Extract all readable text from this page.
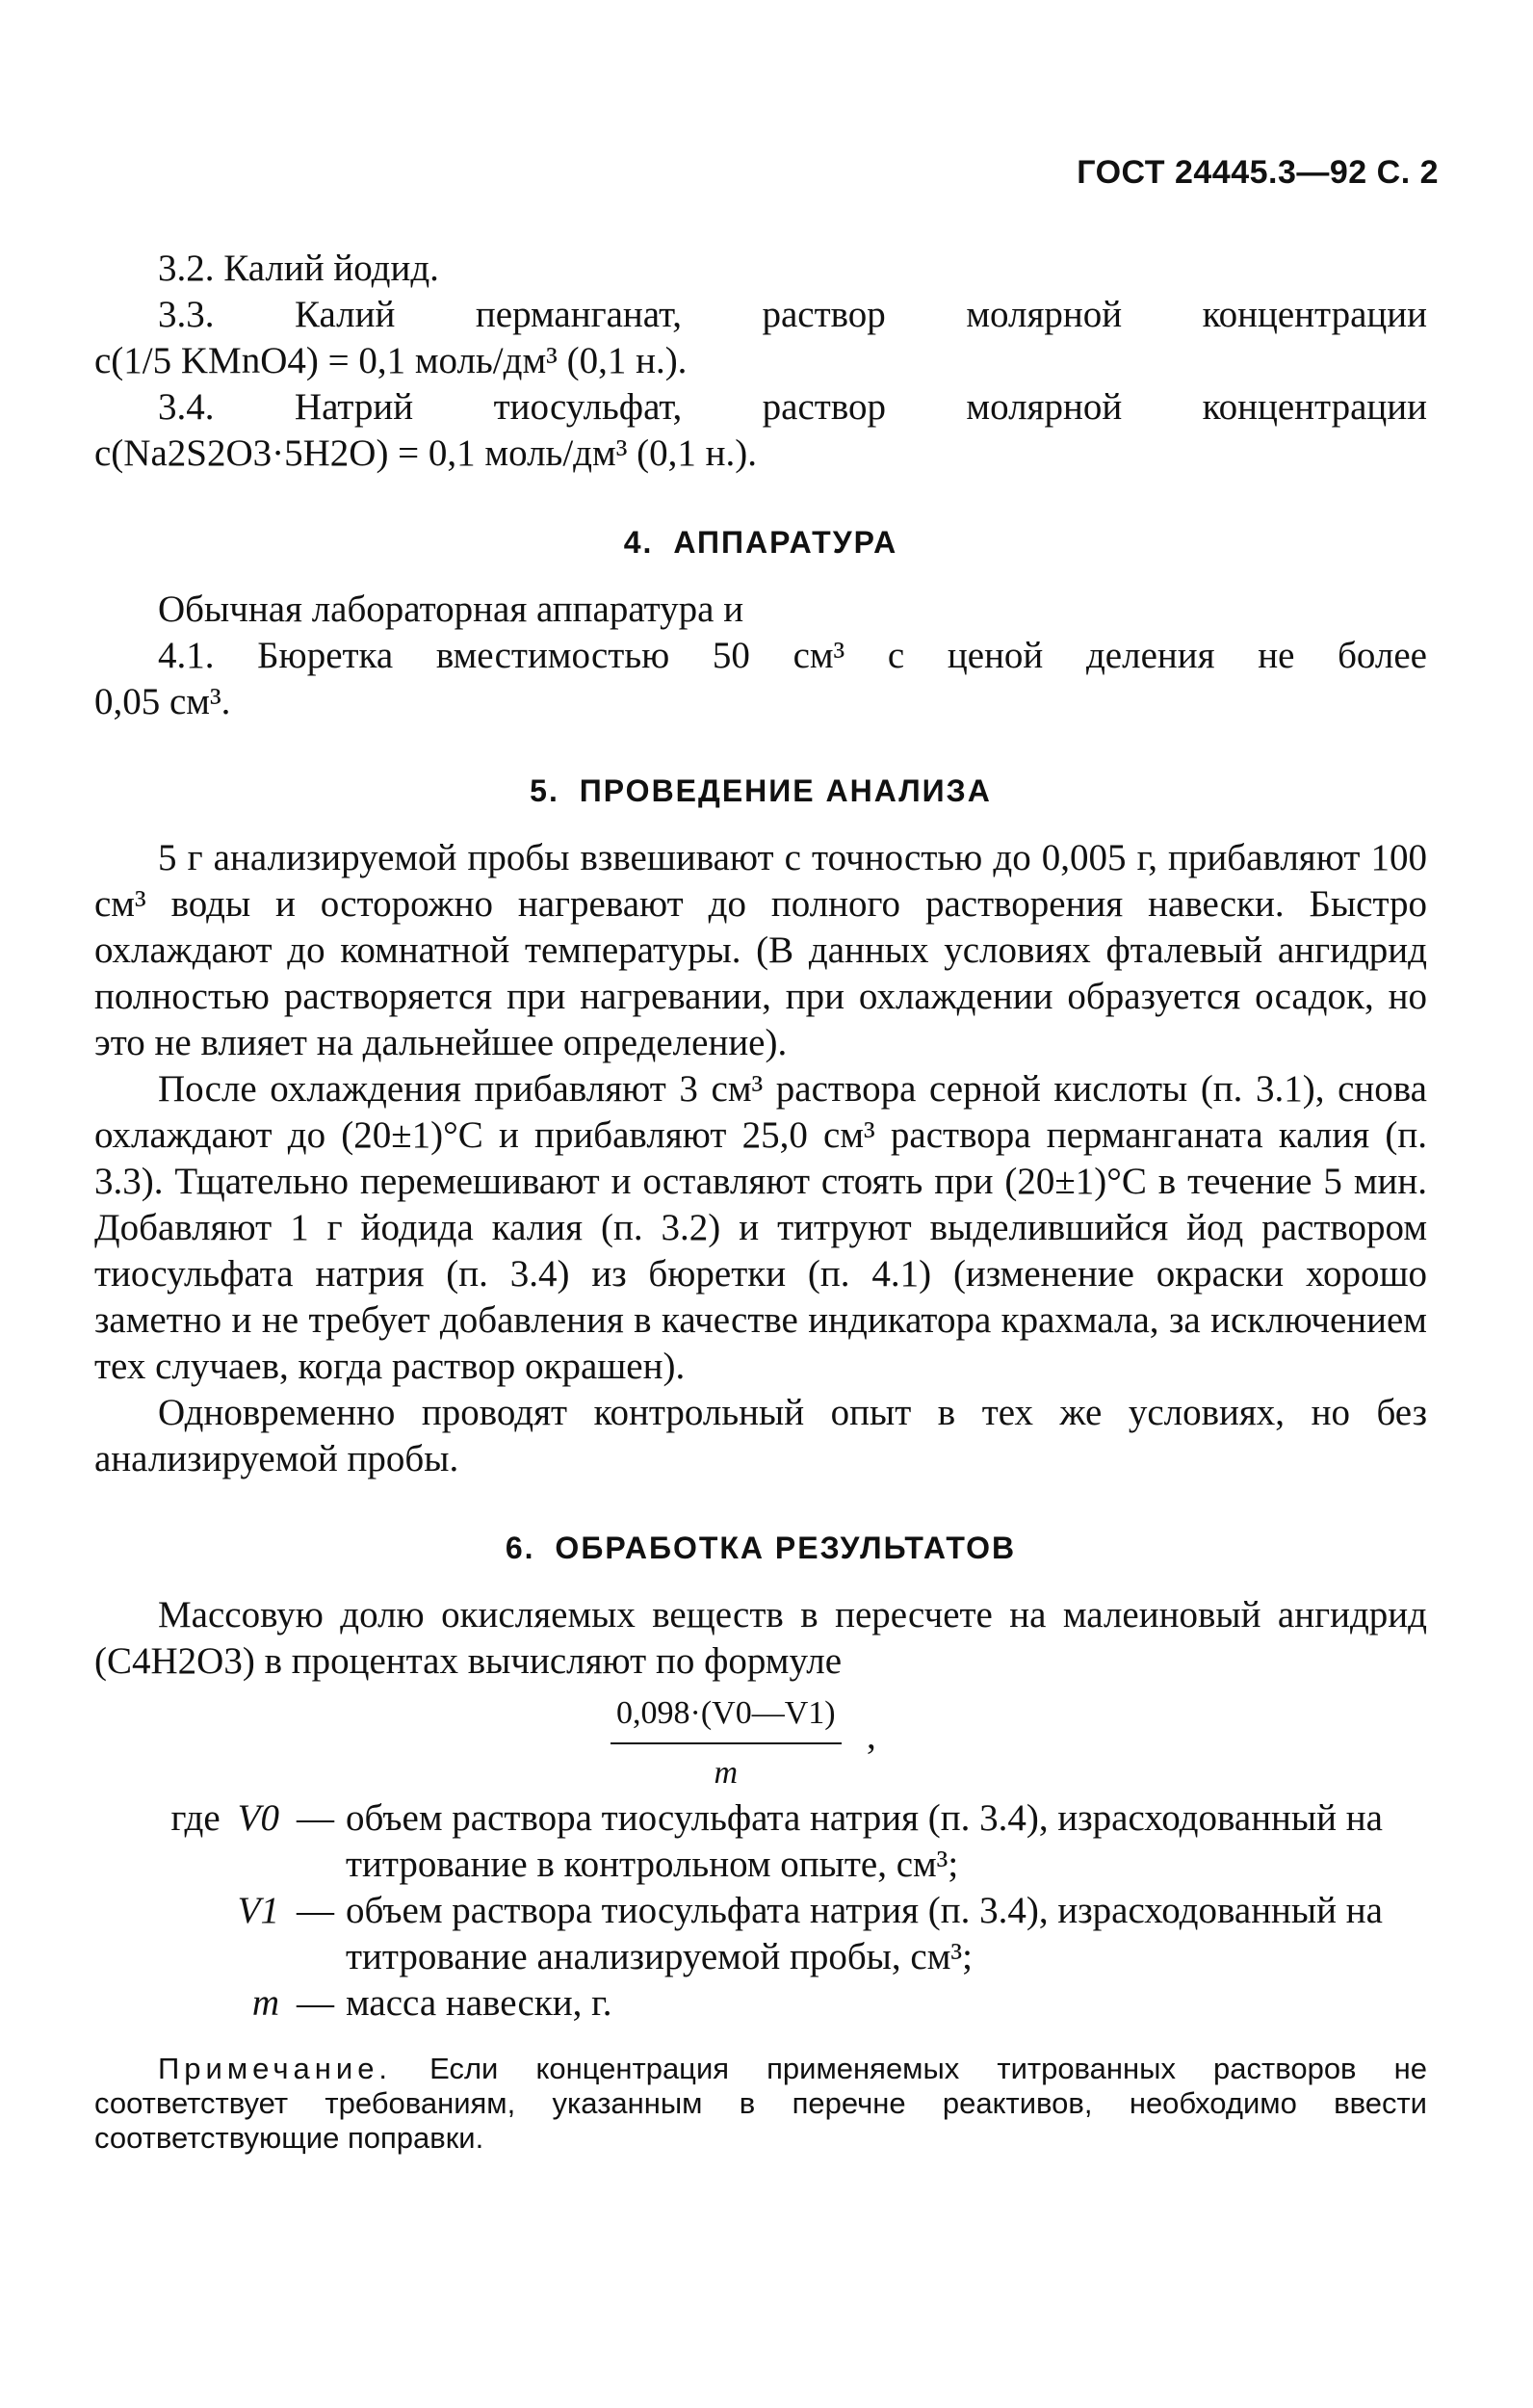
ГОСТ 24445.3—92 С. 2

3.2. Калий йодид.

3.3. Калий перманганат, раствор молярной концентрации

c(1/5 KMnO4) = 0,1 моль/дм³ (0,1 н.).

3.4. Натрий тиосульфат, раствор молярной концентрации

c(Na2S2O3·5H2O) = 0,1 моль/дм³ (0,1 н.).

4. АППАРАТУРА

Обычная лабораторная аппаратура и

4.1. Бюретка вместимостью 50 см³ с ценой деления не более

0,05 см³.

5. ПРОВЕДЕНИЕ АНАЛИЗА

5 г анализируемой пробы взвешивают с точностью до 0,005 г, прибавляют 100 см³ воды и осторожно нагревают до полного растворения навески. Быстро охлаждают до комнатной температуры. (В данных условиях фталевый ангидрид полностью растворяется при нагревании, при охлаждении образуется осадок, но это не влияет на дальнейшее определение).

После охлаждения прибавляют 3 см³ раствора серной кислоты (п. 3.1), снова охлаждают до (20±1)°C и прибавляют 25,0 см³ раствора перманганата калия (п. 3.3). Тщательно перемешивают и оставляют стоять при (20±1)°C в течение 5 мин. Добавляют 1 г йодида калия (п. 3.2) и титруют выделившийся йод раствором тиосульфата натрия (п. 3.4) из бюретки (п. 4.1) (изменение окраски хорошо заметно и не требует добавления в качестве индикатора крахмала, за исключением тех случаев, когда раствор окрашен).

Одновременно проводят контрольный опыт в тех же условиях, но без анализируемой пробы.

6. ОБРАБОТКА РЕЗУЛЬТАТОВ

Массовую долю окисляемых веществ в пересчете на малеиновый ангидрид (C4H2O3) в процентах вычисляют по формуле

0,098·(V0—V1)
m
,
где V0 — объем раствора тиосульфата натрия (п. 3.4), израсходованный на титрование в контрольном опыте, см³;
V1 — объем раствора тиосульфата натрия (п. 3.4), израсходованный на титрование анализируемой пробы, см³;
m — масса навески, г.

Примечание. Если концентрация применяемых титрованных растворов не соответствует требованиям, указанным в перечне реактивов, необходимо ввести соответствующие поправки.
